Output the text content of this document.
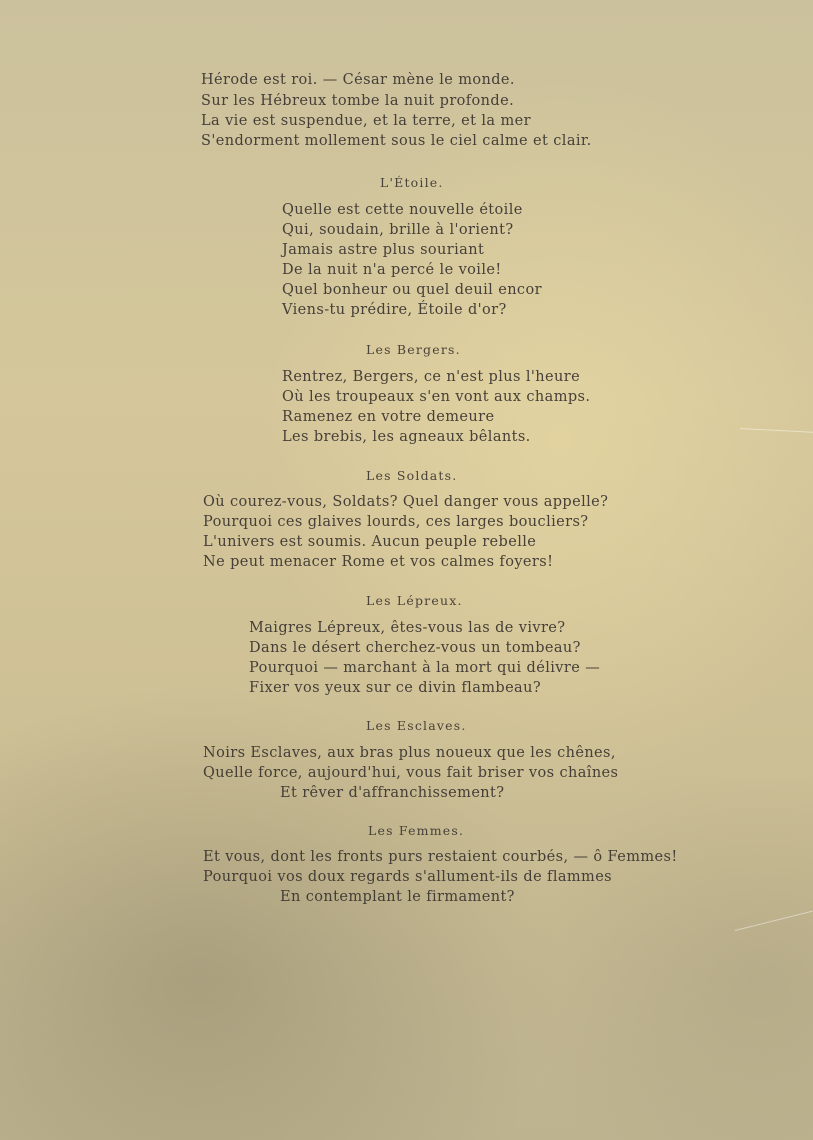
Hérode est roi. — César mène le monde.
Sur les Hébreux tombe la nuit profonde.
La vie est suspendue, et la terre, et la mer
S'endorment mollement sous le ciel calme et clair.
L'Étoile.
Quelle est cette nouvelle étoile
Qui, soudain, brille à l'orient?
Jamais astre plus souriant
De la nuit n'a percé le voile!
Quel bonheur ou quel deuil encor
Viens-tu prédire, Étoile d'or?
Les Bergers.
Rentrez, Bergers, ce n'est plus l'heure
Où les troupeaux s'en vont aux champs.
Ramenez en votre demeure
Les brebis, les agneaux bêlants.
Les Soldats.
Où courez-vous, Soldats? Quel danger vous appelle?
Pourquoi ces glaives lourds, ces larges boucliers?
L'univers est soumis. Aucun peuple rebelle
Ne peut menacer Rome et vos calmes foyers!
Les Lépreux.
Maigres Lépreux, êtes-vous las de vivre?
Dans le désert cherchez-vous un tombeau?
Pourquoi — marchant à la mort qui délivre —
Fixer vos yeux sur ce divin flambeau?
Les Esclaves.
Noirs Esclaves, aux bras plus noueux que les chênes,
Quelle force, aujourd'hui, vous fait briser vos chaînes
Et rêver d'affranchissement?
Les Femmes.
Et vous, dont les fronts purs restaient courbés, — ô Femmes!
Pourquoi vos doux regards s'allument-ils de flammes
En contemplant le firmament?
